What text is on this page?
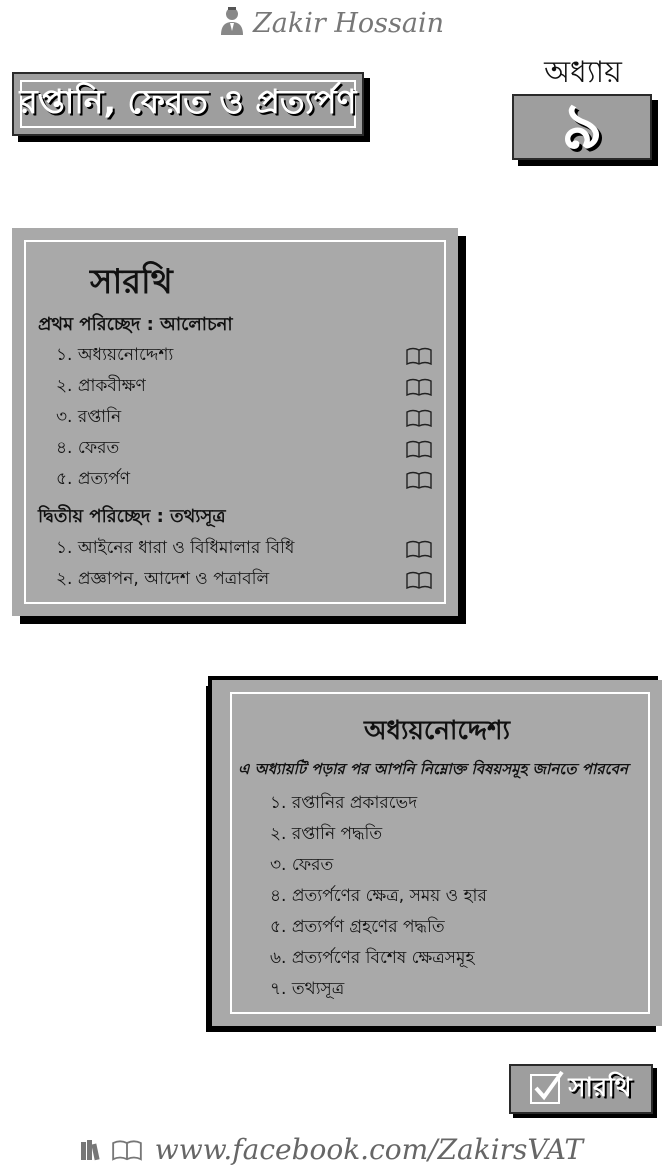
Zakir Hossain
রপ্তানি, ফেরত ও প্রত্যর্পণ
অধ্যায়
৯
সারথি
প্রথম পরিচ্ছেদ : আলোচনা
১. অধ্যয়নোদ্দেশ্য
২. প্রাকবীক্ষণ
৩. রপ্তানি
৪. ফেরত
৫. প্রত্যর্পণ
দ্বিতীয় পরিচ্ছেদ : তথ্যসূত্র
১. আইনের ধারা ও বিধিমালার বিধি
২. প্রজ্ঞাপন, আদেশ ও পত্রাবলি
অধ্যয়নোদ্দেশ্য
এ অধ্যায়টি পড়ার পর আপনি নিম্নোক্ত বিষয়সমূহ জানতে পারবেন
১. রপ্তানির প্রকারভেদ
২. রপ্তানি পদ্ধতি
৩. ফেরত
৪. প্রত্যর্পণের ক্ষেত্র, সময় ও হার
৫. প্রত্যর্পণ গ্রহণের পদ্ধতি
৬. প্রত্যর্পণের বিশেষ ক্ষেত্রসমূহ
৭. তথ্যসূত্র
সারথি
www.facebook.com/ZakirsVAT
